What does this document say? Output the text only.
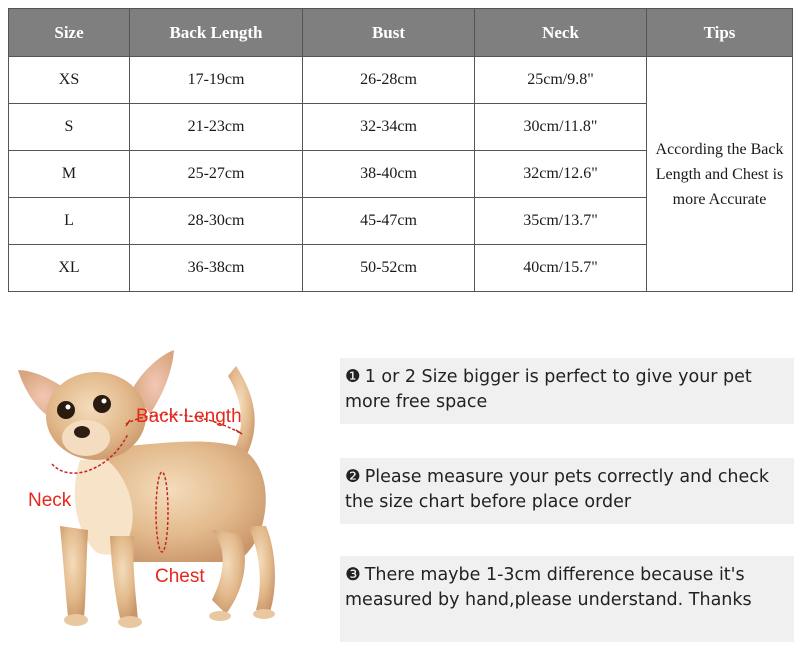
Size	Back Length	Bust	Neck	Tips
XS	17-19cm	26-28cm	25cm/9.8"	According the Back Length and Chest is more Accurate
S	21-23cm	32-34cm	30cm/11.8"	
M	25-27cm	38-40cm	32cm/12.6"	
L	28-30cm	45-47cm	35cm/13.7"	
XL	36-38cm	50-52cm	40cm/15.7"	
Back Length
Neck
Chest
❶ 1 or 2 Size bigger is perfect to give your pet more free space
❷ Please measure your pets correctly and check the size chart before place order
❸ There maybe 1-3cm difference because it's measured by hand,please understand. Thanks
